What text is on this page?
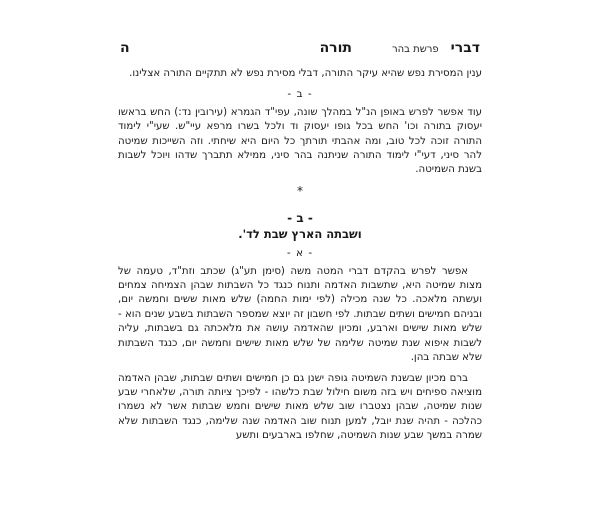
דברי
פרשת בהר
תורה
ה

ענין המסירת נפש שהיא עיקר התורה, דבלי מסירת נפש לא תתקיים התורה אצלינו.

- ב -

עוד אפשר לפרש באופן הנ"ל במהלך שונה, עפי"ד הגמרא (עירובין נד:) החש בראשו יעסוק בתורה וכו' החש בכל גופו יעסוק וד ולכל בשרו מרפא עיי"ש. שעי"י לימוד התורה זוכה לכל טוב, ומה אהבתי תורתך כל היום היא שיחתי. וזה השייכות שמיטה להר סיני, דעי"י לימוד התורה שניתנה בהר סיני, ממילא תתברך שדהו ויוכל לשבות בשנת השמיטה.

*
- ב -
ושבתה הארץ שבת לד'.
- א -

אפשר לפרש בהקדם דברי המטה משה (סימן תע"ג) שכתב וזת"ד, טעמה של מצות שמיטה היא, שתשבות האדמה ותנוח כנגד כל השבתות שבהן הצמיחה צמחים ועשתה מלאכה. כל שנה מכילה (לפי ימות החמה) שלש מאות ששים וחמשה יום, ובניהם חמישים ושתים שבתות. לפי חשבון זה יוצא שמספר השבתות בשבע שנים הוא - שלש מאות שישים וארבע, ומכיון שהאדמה עושה את מלאכתה גם בשבתות, עליה לשבות איפוא שנת שמיטה שלימה של שלש מאות שישים וחמשה יום, כנגד השבתות שלא שבתה בהן.

ברם מכיון שבשנת השמיטה גופה ישנן גם כן חמישים ושתים שבתות, שבהן האדמה מוציאה ספיחים ויש בזה משום חילול שבת כלשהו - לפיכך ציותה תורה, שלאחרי שבע שנות שמיטה, שבהן נצטברו שוב שלש מאות שישים וחמש שבתות אשר לא נשמרו כהלכה - תהיה שנת יובל, למען תנוח שוב האדמה שנה שלימה, כנגד השבתות שלא שמרה במשך שבע שנות השמיטה, שחלפו בארבעים ותשע
